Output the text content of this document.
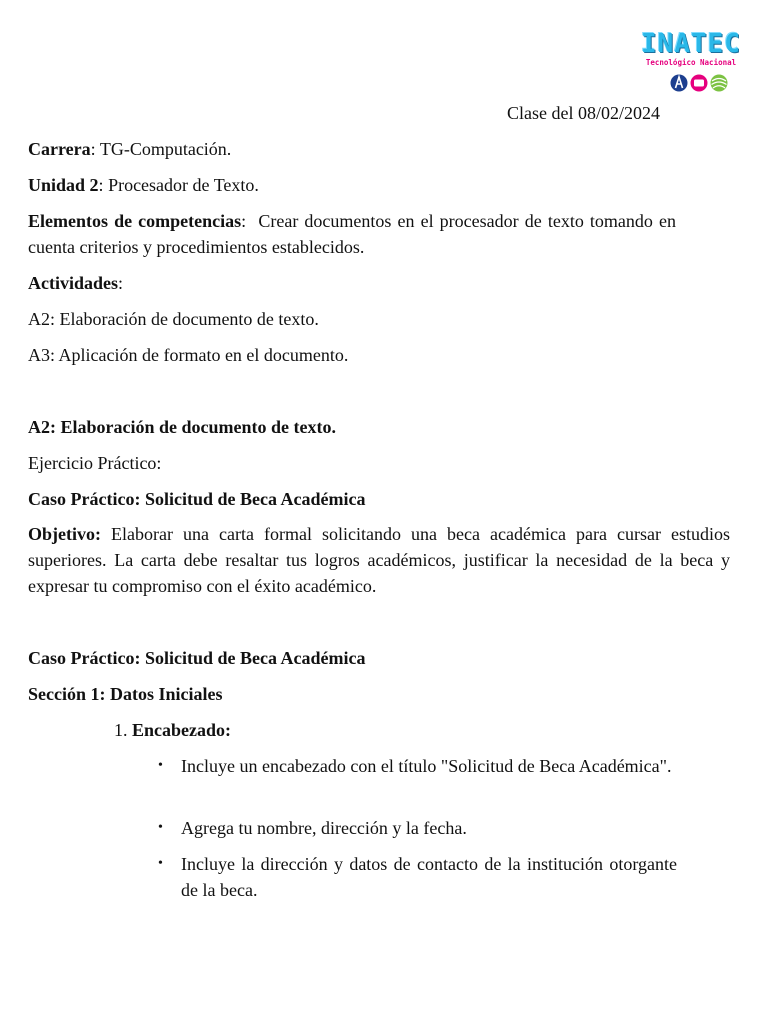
INATEC
Tecnológico Nacional

Clase del 08/02/2024

Carrera: TG-Computación.

Unidad 2: Procesador de Texto.

Elementos de competencias:  Crear documentos en el procesador de texto tomando en cuenta criterios y procedimientos establecidos.

Actividades:

A2: Elaboración de documento de texto.

A3: Aplicación de formato en el documento.

A2: Elaboración de documento de texto.

Ejercicio Práctico:

Caso Práctico: Solicitud de Beca Académica

Objetivo: Elaborar una carta formal solicitando una beca académica para cursar estudios superiores. La carta debe resaltar tus logros académicos, justificar la necesidad de la beca y expresar tu compromiso con el éxito académico.

Caso Práctico: Solicitud de Beca Académica

Sección 1: Datos Iniciales

1. Encabezado:

• Incluye un encabezado con el título "Solicitud de Beca Académica".

• Agrega tu nombre, dirección y la fecha.

• Incluye la dirección y datos de contacto de la institución otorgante de la beca.
